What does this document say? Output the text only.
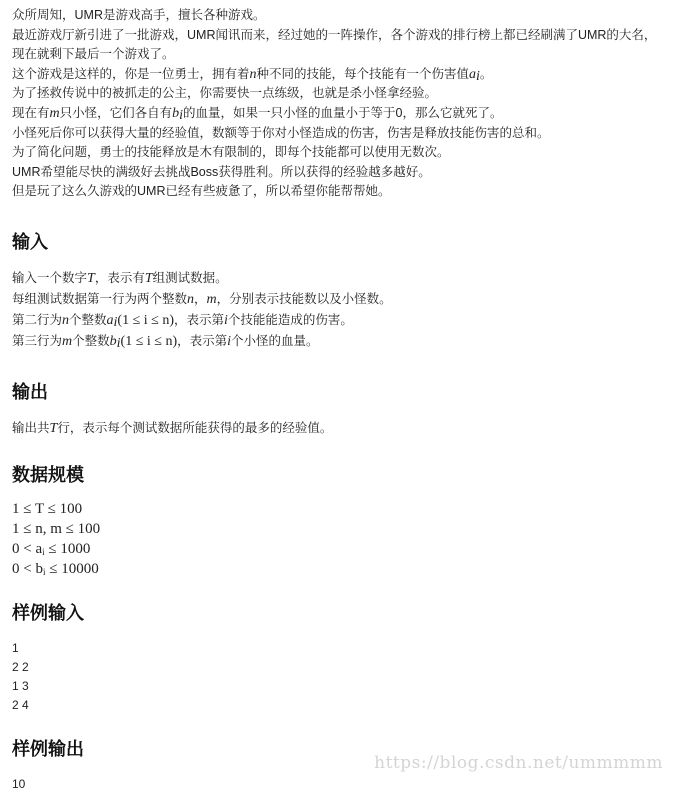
众所周知，UMR是游戏高手，擅长各种游戏。

最近游戏厅新引进了一批游戏，UMR闻讯而来，经过她的一阵操作，各个游戏的排行榜上都已经刷满了UMR的大名，

现在就剩下最后一个游戏了。

这个游戏是这样的，你是一位勇士，拥有着n种不同的技能，每个技能有一个伤害值$a_i$。

为了拯救传说中的被抓走的公主，你需要快一点练级，也就是杀小怪拿经验。

现在有m只小怪，它们各自有$b_i$的血量，如果一只小怪的血量小于等于0，那么它就死了。

小怪死后你可以获得大量的经验值，数额等于你对小怪造成的伤害，伤害是释放技能伤害的总和。

为了简化问题，勇士的技能释放是木有限制的，即每个技能都可以使用无数次。

UMR希望能尽快的满级好去挑战Boss获得胜利。所以获得的经验越多越好。

但是玩了这么久游戏的UMR已经有些疲惫了，所以希望你能帮帮她。

输入

输入一个数字T，表示有T组测试数据。

每组测试数据第一行为两个整数n，m，分别表示技能数以及小怪数。

第二行为n个整数$a_i(1 \le i \le n)$，表示第i个技能能造成的伤害。

第三行为m个整数$b_i(1 \le i \le n)$，表示第i个小怪的血量。

输出

输出共T行，表示每个测试数据所能获得的最多的经验值。

数据规模

1 ≤ T ≤ 100

1 ≤ n, m ≤ 100

$0 < a_i \le 1000$

$0 < b_i \le 10000$

样例输入

1

2 2

1 3

2 4

样例输出

10

https://blog.csdn.net/ummmmm
